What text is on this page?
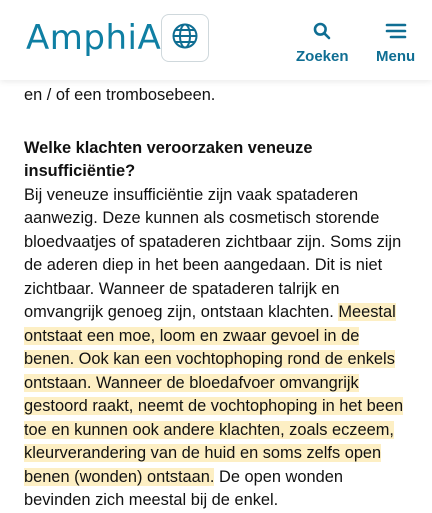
AmphiA	Zoeken Menu

en / of een trombosebeen.

Welke klachten veroorzaken veneuze insufficiëntie?

Bij veneuze insufficiëntie zijn vaak spataderen aanwezig. Deze kunnen als cosmetisch storende bloedvaatjes of spataderen zichtbaar zijn. Soms zijn de aderen diep in het been aangedaan. Dit is niet zichtbaar. Wanneer de spataderen talrijk en omvangrijk genoeg zijn, ontstaan klachten. Meestal ontstaat een moe, loom en zwaar gevoel in de benen. Ook kan een vochtophoping rond de enkels ontstaan. Wanneer de bloedafvoer omvangrijk gestoord raakt, neemt de vochtophoping in het been toe en kunnen ook andere klachten, zoals eczeem, kleurverandering van de huid en soms zelfs open benen (wonden) ontstaan. De open wonden bevinden zich meestal bij de enkel.
